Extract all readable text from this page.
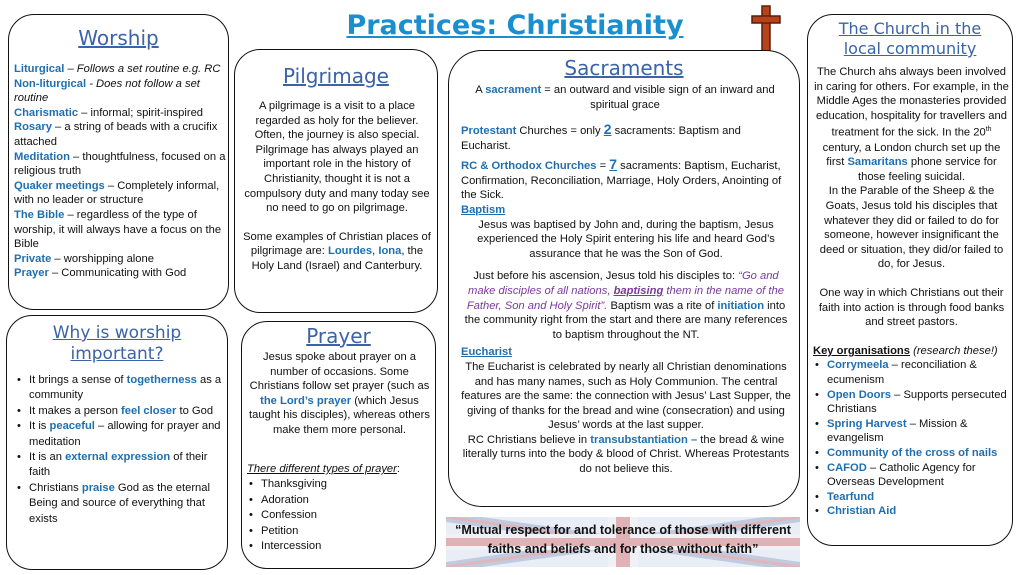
Practices: Christianity
Worship
Liturgical – Follows a set routine e.g. RC
Non-liturgical - Does not follow a set routine
Charismatic – informal; spirit-inspired
Rosary – a string of beads with a crucifix attached
Meditation – thoughtfulness, focused on a religious truth
Quaker meetings – Completely informal, with no leader or structure
The Bible – regardless of the type of worship, it will always have a focus on the Bible
Private – worshipping alone
Prayer – Communicating with God
Pilgrimage
A pilgrimage is a visit to a place regarded as holy for the believer. Often, the journey is also special. Pilgrimage has always played an important role in the history of Christianity, thought it is not a compulsory duty and many today see no need to go on pilgrimage.
Some examples of Christian places of pilgrimage are: Lourdes, Iona, the Holy Land (Israel) and Canterbury.
Why is worship important?
• It brings a sense of togetherness as a community
• It makes a person feel closer to God
• It is peaceful – allowing for prayer and meditation
• It is an external expression of their faith
• Christians praise God as the eternal Being and source of everything that exists
Prayer
Jesus spoke about prayer on a number of occasions. Some Christians follow set prayer (such as the Lord’s prayer (which Jesus taught his disciples), whereas others make them more personal.
There different types of prayer:
• Thanksgiving
• Adoration
• Confession
• Petition
• Intercession
Sacraments
A sacrament = an outward and visible sign of an inward and spiritual grace
Protestant Churches = only 2 sacraments: Baptism and Eucharist.
RC & Orthodox Churches = 7 sacraments: Baptism, Eucharist, Confirmation, Reconciliation, Marriage, Holy Orders, Anointing of the Sick.
Baptism
Jesus was baptised by John and, during the baptism, Jesus experienced the Holy Spirit entering his life and heard God’s assurance that he was the Son of God.
Just before his ascension, Jesus told his disciples to: “Go and make disciples of all nations, baptising them in the name of the Father, Son and Holy Spirit”. Baptism was a rite of initiation into the community right from the start and there are many references to baptism throughout the NT.
Eucharist
The Eucharist is celebrated by nearly all Christian denominations and has many names, such as Holy Communion. The central features are the same: the connection with Jesus’ Last Supper, the giving of thanks for the bread and wine (consecration) and using Jesus’ words at the last supper.
RC Christians believe in transubstantiation – the bread & wine literally turns into the body & blood of Christ. Whereas Protestants do not believe this.
The Church in the local community
The Church ahs always been involved in caring for others. For example, in the Middle Ages the monasteries provided education, hospitality for travellers and treatment for the sick. In the 20th century, a London church set up the first Samaritans phone service for those feeling suicidal.
In the Parable of the Sheep & the Goats, Jesus told his disciples that whatever they did or failed to do for someone, however insignificant the deed or situation, they did/or failed to do, for Jesus.
One way in which Christians out their faith into action is through food banks and street pastors.
Key organisations (research these!)
• Corrymeela – reconciliation & ecumenism
• Open Doors – Supports persecuted Christians
• Spring Harvest – Mission & evangelism
• Community of the cross of nails
• CAFOD – Catholic Agency for Overseas Development
• Tearfund
• Christian Aid
“Mutual respect for and tolerance of those with different faiths and beliefs and for those without faith”
